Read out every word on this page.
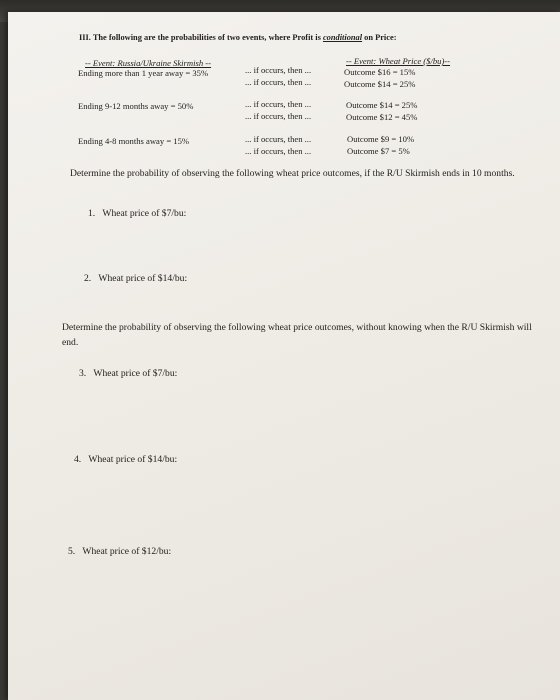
III. The following are the probabilities of two events, where Profit is conditional on Price:
-- Event: Russia/Ukraine Skirmish --
Ending more than 1 year away = 35%
Ending 9-12 months away = 50%
Ending 4-8 months away = 15%
... if occurs, then ...
... if occurs, then ...
... if occurs, then ...
... if occurs, then ...
... if occurs, then ...
... if occurs, then ...
-- Event: Wheat Price ($/bu)--
Outcome $16 = 15%
Outcome $14 = 25%
Outcome $14 = 25%
Outcome $12 = 45%
Outcome $9 = 10%
Outcome $7 = 5%
Determine the probability of observing the following wheat price outcomes, if the R/U Skirmish ends in 10 months.
1. Wheat price of $7/bu:
2. Wheat price of $14/bu:
Determine the probability of observing the following wheat price outcomes, without knowing when the R/U Skirmish will end.
3. Wheat price of $7/bu:
4. Wheat price of $14/bu:
5. Wheat price of $12/bu:
